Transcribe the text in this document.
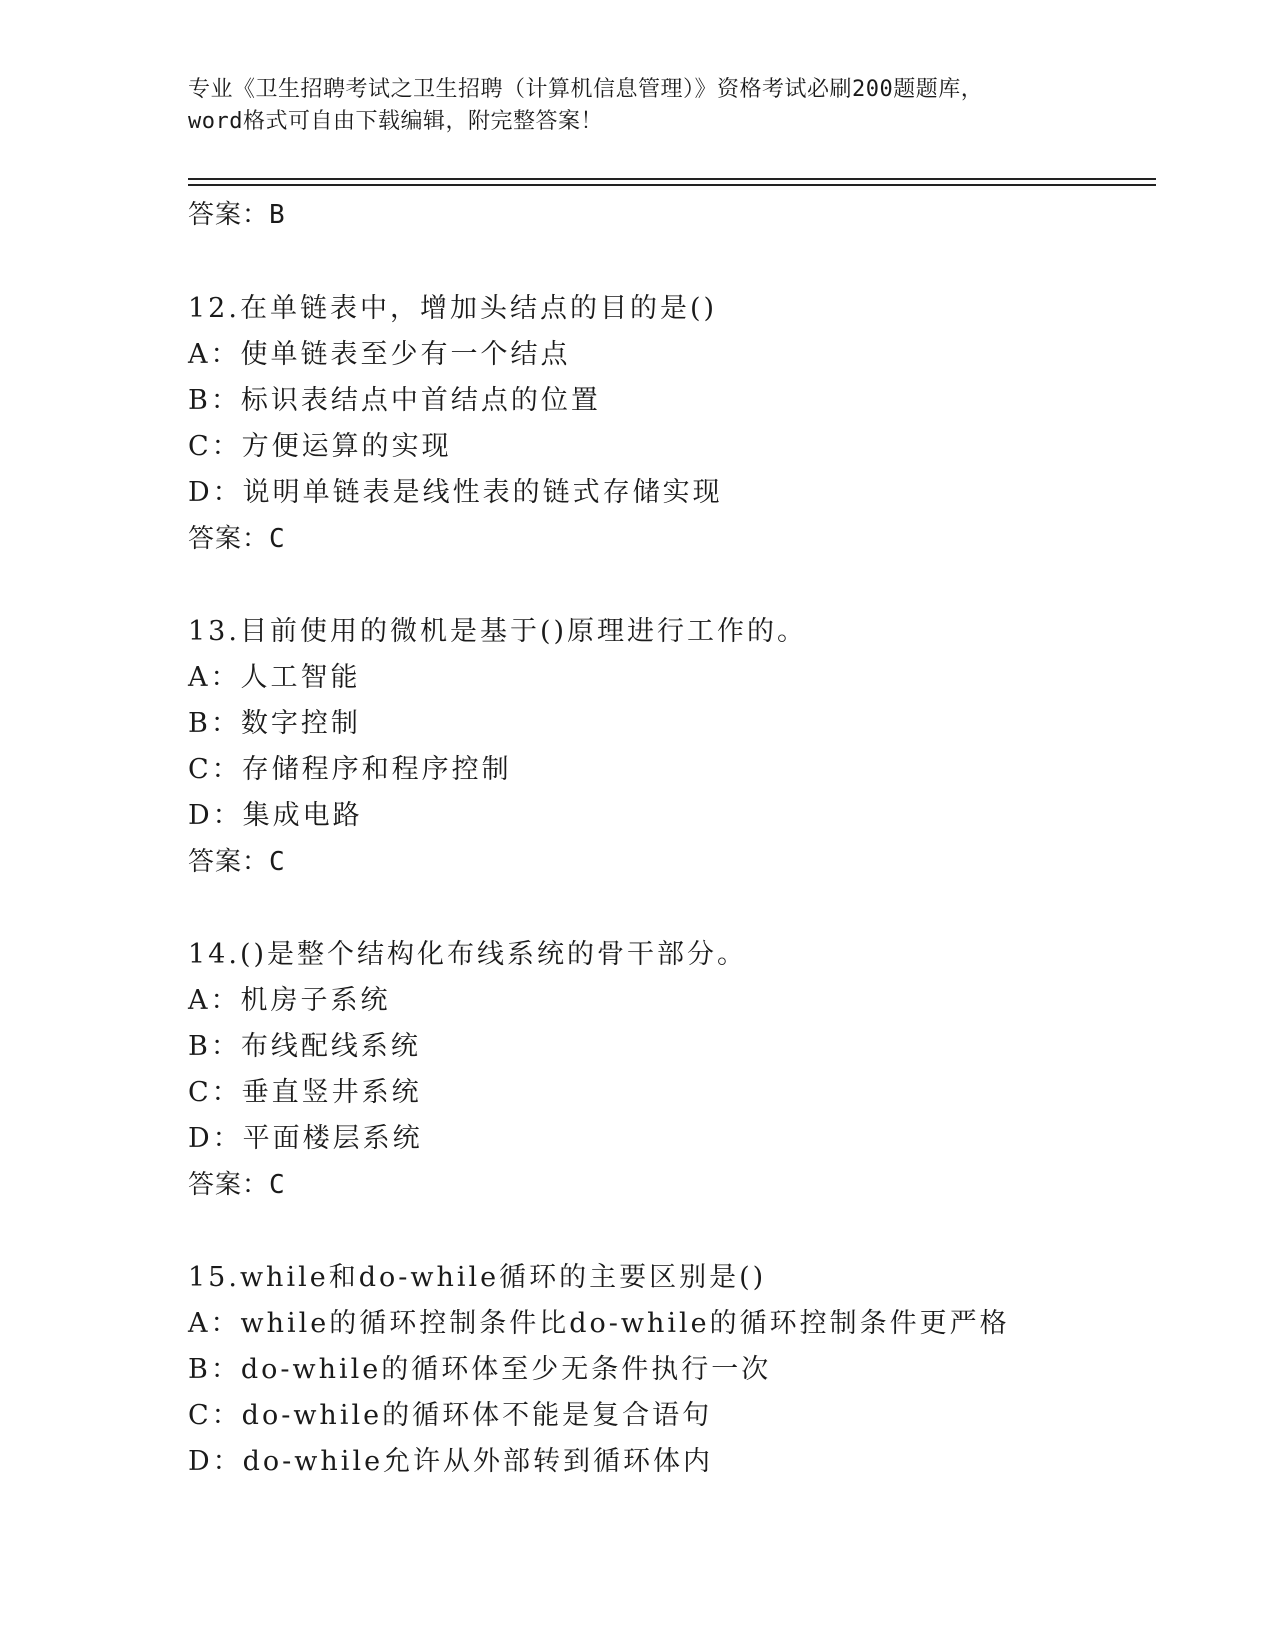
专业《卫生招聘考试之卫生招聘（计算机信息管理）》资格考试必刷200题题库，
word格式可自由下载编辑，附完整答案！
答案：B
12.在单链表中，增加头结点的目的是()
A：使单链表至少有一个结点
B：标识表结点中首结点的位置
C：方便运算的实现
D：说明单链表是线性表的链式存储实现
答案：C
13.目前使用的微机是基于()原理进行工作的。
A：人工智能
B：数字控制
C：存储程序和程序控制
D：集成电路
答案：C
14.()是整个结构化布线系统的骨干部分。
A：机房子系统
B：布线配线系统
C：垂直竖井系统
D：平面楼层系统
答案：C
15.while和do-while循环的主要区别是()
A：while的循环控制条件比do-while的循环控制条件更严格
B：do-while的循环体至少无条件执行一次
C：do-while的循环体不能是复合语句
D：do-while允许从外部转到循环体内
